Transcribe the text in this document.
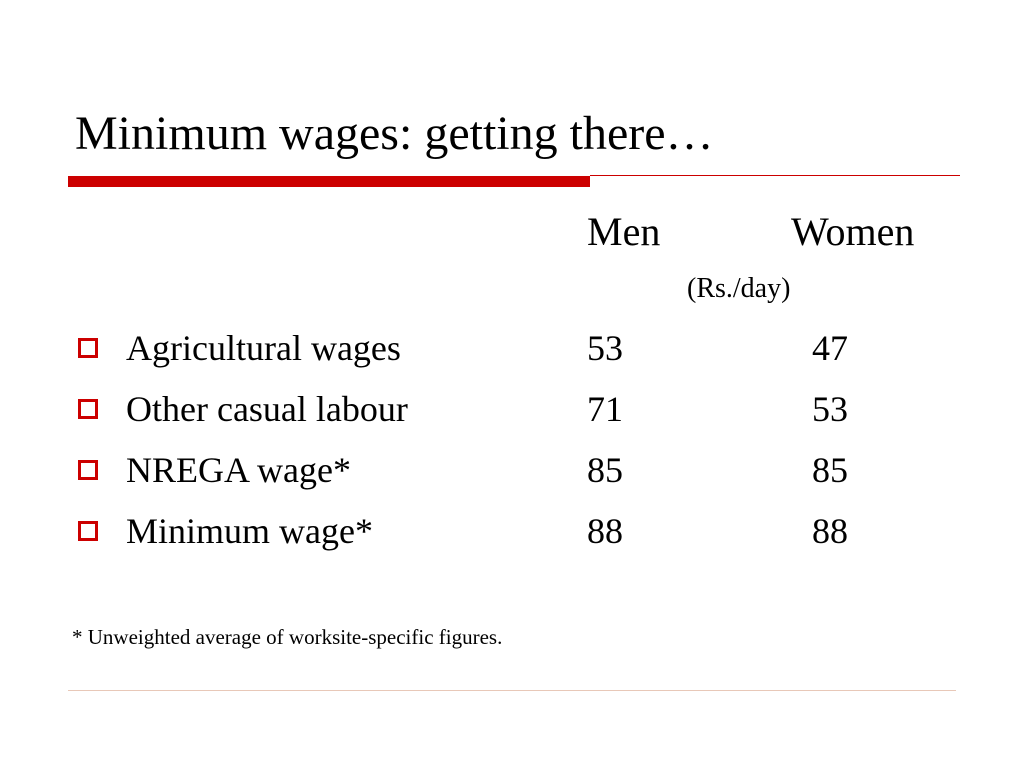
Minimum wages: getting there…
Men	Women
(Rs./day)
Agricultural wages	53	47
Other casual labour	71	53
NREGA wage*	85	85
Minimum wage*	88	88
* Unweighted average of worksite-specific figures.
